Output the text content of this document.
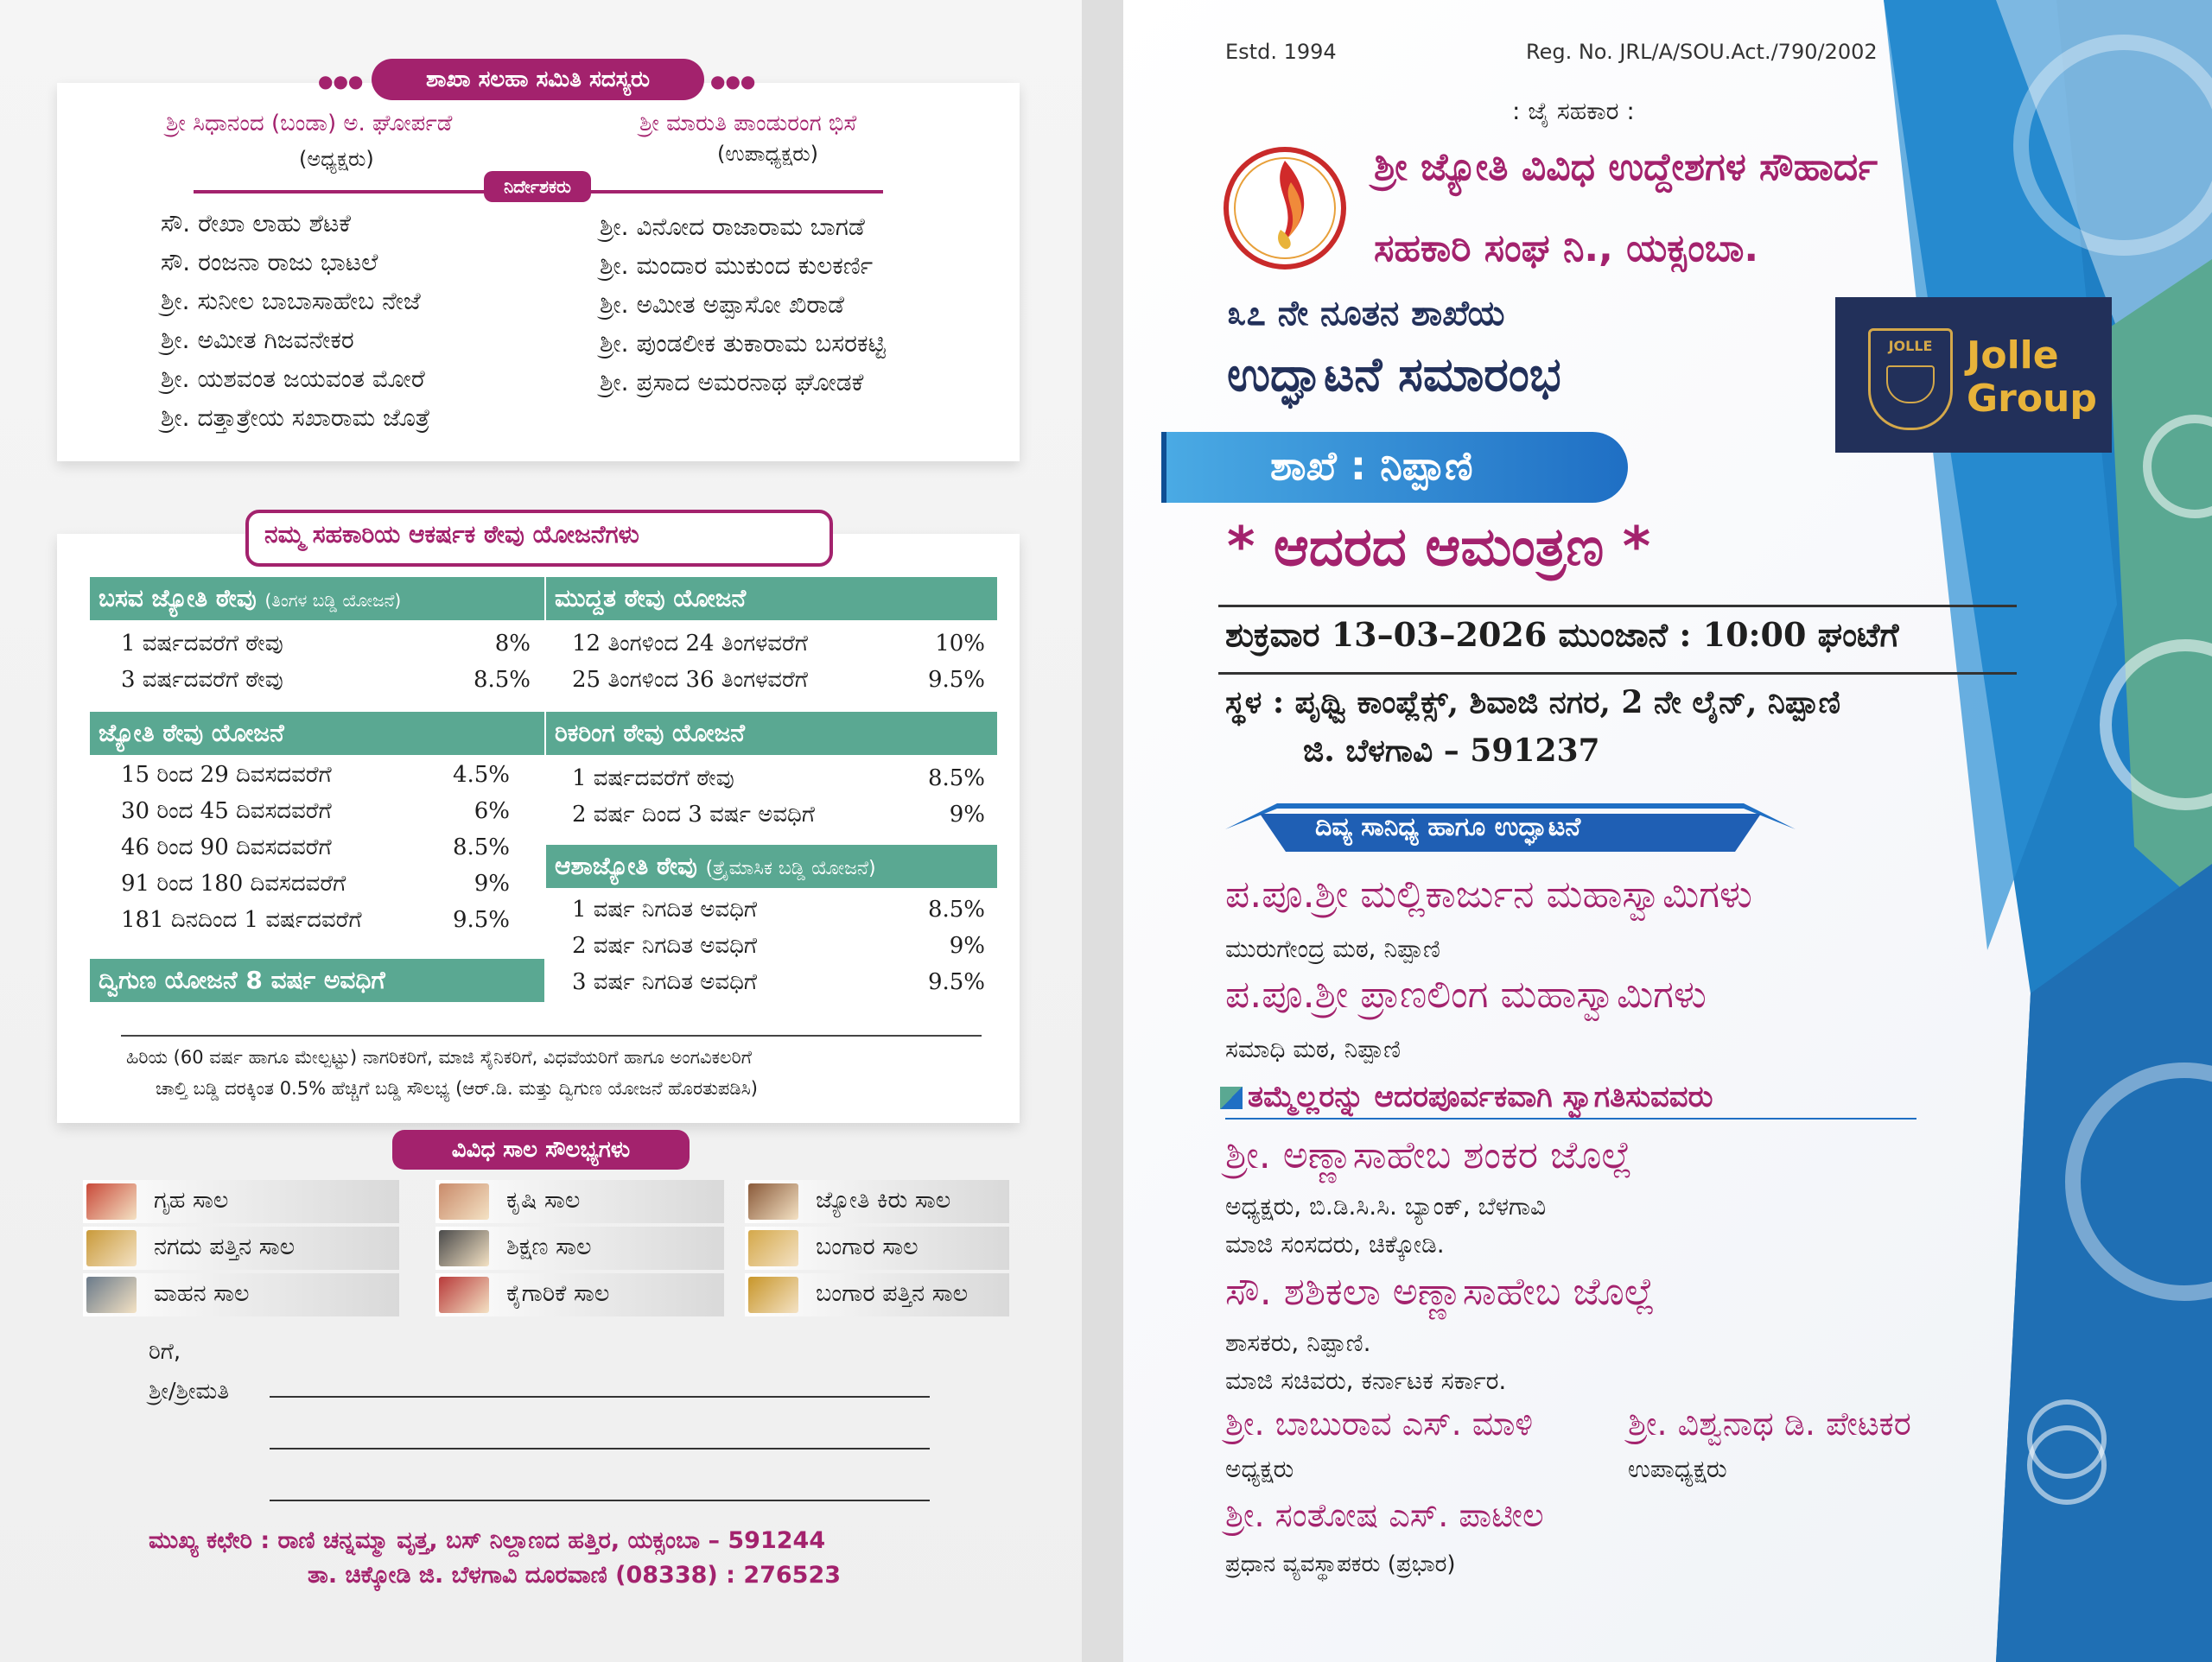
●●●	ಶಾಖಾ ಸಲಹಾ ಸಮಿತಿ ಸದಸ್ಯರು	●●●
ಶ್ರೀ ಸಿಧಾನಂದ (ಬಂಡಾ) ಅ. ಘೋರ್ಪಡೆ
(ಅಧ್ಯಕ್ಷರು)
ಶ್ರೀ ಮಾರುತಿ ಪಾಂಡುರಂಗ ಭಿಸೆ
(ಉಪಾಧ್ಯಕ್ಷರು)
ನಿರ್ದೇಶಕರು
ಸೌ. ರೇಖಾ ಲಾಹು ಶೆಟಕೆ
ಸೌ. ರಂಜನಾ ರಾಜು ಭಾಟಲೆ
ಶ್ರೀ. ಸುನೀಲ ಬಾಬಾಸಾಹೇಬ ನೇಜೆ
ಶ್ರೀ. ಅಮೀತ ಗಿಜವನೇಕರ
ಶ್ರೀ. ಯಶವಂತ ಜಯವಂತ ಮೋರೆ
ಶ್ರೀ. ದತ್ತಾತ್ರೇಯ ಸಖಾರಾಮ ಜೊತ್ರೆ
ಶ್ರೀ. ವಿನೋದ ರಾಜಾರಾಮ ಬಾಗಡೆ
ಶ್ರೀ. ಮಂದಾರ ಮುಕುಂದ ಕುಲಕರ್ಣಿ
ಶ್ರೀ. ಅಮೀತ ಅಪ್ಪಾಸೋ ಖಿರಾಡೆ
ಶ್ರೀ. ಪುಂಡಲೀಕ ತುಕಾರಾಮ ಬಸರಕಟ್ಟಿ
ಶ್ರೀ. ಪ್ರಸಾದ ಅಮರನಾಥ ಘೋಡಕೆ
ನಮ್ಮ ಸಹಕಾರಿಯ ಆಕರ್ಷಕ ಠೇವು ಯೋಜನೆಗಳು
ಬಸವ ಜ್ಯೋತಿ ಠೇವು (ತಿಂಗಳ ಬಡ್ಡಿ ಯೋಜನೆ)
1 ವರ್ಷದವರೆಗೆ ಠೇವು	8%
3 ವರ್ಷದವರೆಗೆ ಠೇವು	8.5%
ಜ್ಯೋತಿ ಠೇವು ಯೋಜನೆ
15 ರಿಂದ 29 ದಿವಸದವರೆಗೆ	4.5%
30 ರಿಂದ 45 ದಿವಸದವರೆಗೆ	6%
46 ರಿಂದ 90 ದಿವಸದವರೆಗೆ	8.5%
91 ರಿಂದ 180 ದಿವಸದವರೆಗೆ	9%
181 ದಿನದಿಂದ 1 ವರ್ಷದವರೆಗೆ	9.5%
ದ್ವಿಗುಣ ಯೋಜನೆ 8 ವರ್ಷ ಅವಧಿಗೆ
ಮುದ್ದತ ಠೇವು ಯೋಜನೆ
12 ತಿಂಗಳಿಂದ 24 ತಿಂಗಳವರೆಗೆ	10%
25 ತಿಂಗಳಿಂದ 36 ತಿಂಗಳವರೆಗೆ	9.5%
ರಿಕರಿಂಗ ಠೇವು ಯೋಜನೆ
1 ವರ್ಷದವರೆಗೆ ಠೇವು	8.5%
2 ವರ್ಷ ದಿಂದ 3 ವರ್ಷ ಅವಧಿಗೆ	9%
ಆಶಾಜ್ಯೋತಿ ಠೇವು (ತ್ರೈಮಾಸಿಕ ಬಡ್ಡಿ ಯೋಜನೆ)
1 ವರ್ಷ ನಿಗದಿತ ಅವಧಿಗೆ	8.5%
2 ವರ್ಷ ನಿಗದಿತ ಅವಧಿಗೆ	9%
3 ವರ್ಷ ನಿಗದಿತ ಅವಧಿಗೆ	9.5%
ಹಿರಿಯ (60 ವರ್ಷ ಹಾಗೂ ಮೇಲ್ಪಟ್ಟು) ನಾಗರಿಕರಿಗೆ, ಮಾಜಿ ಸೈನಿಕರಿಗೆ, ವಿಧವೆಯರಿಗೆ ಹಾಗೂ ಅಂಗವಿಕಲರಿಗೆ
ಚಾಲ್ತಿ ಬಡ್ಡಿ ದರಕ್ಕಿಂತ 0.5% ಹೆಚ್ಚಿಗೆ ಬಡ್ಡಿ ಸೌಲಭ್ಯ (ಆರ್.ಡಿ. ಮತ್ತು ದ್ವಿಗುಣ ಯೋಜನೆ ಹೊರತುಪಡಿಸಿ)
ವಿವಿಧ ಸಾಲ ಸೌಲಭ್ಯಗಳು
ಗೃಹ ಸಾಲ	ಕೃಷಿ ಸಾಲ	ಜ್ಯೋತಿ ಕಿರು ಸಾಲ
ನಗದು ಪತ್ತಿನ ಸಾಲ	ಶಿಕ್ಷಣ ಸಾಲ	ಬಂಗಾರ ಸಾಲ
ವಾಹನ ಸಾಲ	ಕೈಗಾರಿಕೆ ಸಾಲ	ಬಂಗಾರ ಪತ್ತಿನ ಸಾಲ
ರಿಗೆ,
ಶ್ರೀ/ಶ್ರೀಮತಿ
ಮುಖ್ಯ ಕಛೇರಿ : ರಾಣಿ ಚನ್ನಮ್ಮಾ ವೃತ್ತ, ಬಸ್ ನಿಲ್ದಾಣದ ಹತ್ತಿರ, ಯಕ್ಸಂಬಾ – 591244
ತಾ. ಚಿಕ್ಕೋಡಿ ಜಿ. ಬೆಳಗಾವಿ ದೂರವಾಣಿ (08338) : 276523
Estd. 1994	Reg. No. JRL/A/SOU.Act./790/2002
: ಜೈ ಸಹಕಾರ :
ಶ್ರೀ ಜ್ಯೋತಿ ವಿವಿಧ ಉದ್ದೇಶಗಳ ಸೌಹಾರ್ದ
ಸಹಕಾರಿ ಸಂಘ ನಿ., ಯಕ್ಸಂಬಾ.
೩೭ ನೇ ನೂತನ ಶಾಖೆಯ
ಉದ್ಘಾಟನೆ ಸಮಾರಂಭ
JOLLE Jolle
Group
ಶಾಖೆ : ನಿಪ್ಪಾಣಿ
* ಆದರದ ಆಮಂತ್ರಣ *
ಶುಕ್ರವಾರ 13–03–2026 ಮುಂಜಾನೆ : 10:00 ಘಂಟೆಗೆ
ಸ್ಥಳ : ಪೃಥ್ವಿ ಕಾಂಪ್ಲೆಕ್ಸ್, ಶಿವಾಜಿ ನಗರ, 2 ನೇ ಲೈನ್, ನಿಪ್ಪಾಣಿ
ಜಿ. ಬೆಳಗಾವಿ – 591237
ದಿವ್ಯ ಸಾನಿಧ್ಯ ಹಾಗೂ ಉದ್ಘಾಟನೆ
ಪ.ಪೂ.ಶ್ರೀ ಮಲ್ಲಿಕಾರ್ಜುನ ಮಹಾಸ್ವಾಮಿಗಳು
ಮುರುಗೇಂದ್ರ ಮಠ, ನಿಪ್ಪಾಣಿ
ಪ.ಪೂ.ಶ್ರೀ ಪ್ರಾಣಲಿಂಗ ಮಹಾಸ್ವಾಮಿಗಳು
ಸಮಾಧಿ ಮಠ, ನಿಪ್ಪಾಣಿ
ತಮ್ಮೆಲ್ಲರನ್ನು ಆದರಪೂರ್ವಕವಾಗಿ ಸ್ವಾಗತಿಸುವವರು
ಶ್ರೀ. ಅಣ್ಣಾಸಾಹೇಬ ಶಂಕರ ಜೊಲ್ಲೆ
ಅಧ್ಯಕ್ಷರು, ಬಿ.ಡಿ.ಸಿ.ಸಿ. ಬ್ಯಾಂಕ್, ಬೆಳಗಾವಿ
ಮಾಜಿ ಸಂಸದರು, ಚಿಕ್ಕೋಡಿ.
ಸೌ. ಶಶಿಕಲಾ ಅಣ್ಣಾಸಾಹೇಬ ಜೊಲ್ಲೆ
ಶಾಸಕರು, ನಿಪ್ಪಾಣಿ.
ಮಾಜಿ ಸಚಿವರು, ಕರ್ನಾಟಕ ಸರ್ಕಾರ.
ಶ್ರೀ. ಬಾಬುರಾವ ಎಸ್. ಮಾಳಿ
ಅಧ್ಯಕ್ಷರು
ಶ್ರೀ. ವಿಶ್ವನಾಥ ಡಿ. ಪೇಟಕರ
ಉಪಾಧ್ಯಕ್ಷರು
ಶ್ರೀ. ಸಂತೋಷ ಎಸ್. ಪಾಟೀಲ
ಪ್ರಧಾನ ವ್ಯವಸ್ಥಾಪಕರು (ಪ್ರಭಾರ)
